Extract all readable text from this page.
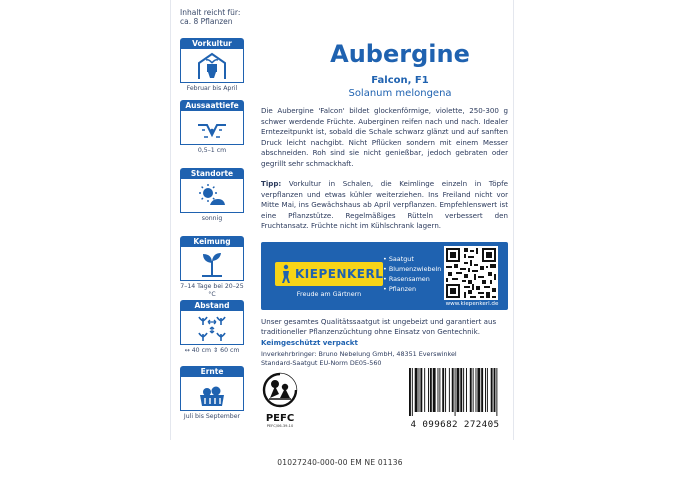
Inhalt reicht für:
ca. 8 Pflanzen
Vorkultur
Februar bis April
Aussaattiefe
0,5–1 cm
Standorte
sonnig
Keimung
7–14 Tage bei 20–25 °C
Abstand
↔ 40 cm ⇕ 60 cm
Ernte
Juli bis September
Aubergine
Falcon, F1
Solanum melongena
Die Aubergine 'Falcon' bildet glockenförmige, violette, 250-300 g schwer werdende Früchte. Auberginen reifen nach und nach. Idealer Erntezeitpunkt ist, sobald die Schale schwarz glänzt und auf sanften Druck leicht nachgibt. Nicht Pflücken sondern mit einem Messer abschneiden. Roh sind sie nicht genießbar, jedoch gebraten oder gegrillt sehr schmackhaft.
Tipp: Vorkultur in Schalen, die Keimlinge einzeln in Töpfe verpflanzen und etwas kühler weiterziehen. Ins Freiland nicht vor Mitte Mai, ins Gewächshaus ab April verpflanzen. Empfehlenswert ist eine Pflanzstütze. Regelmäßiges Rütteln verbessert den Fruchtansatz. Früchte nicht im Kühlschrank lagern.
KIEPENKERL
Freude am Gärtnern
• Saatgut
• Blumenzwiebeln
• Rasensamen
• Pflanzen
www.kiepenkerl.de
Unser gesamtes Qualitätssaatgut ist ungebeizt und garantiert aus traditioneller Pflanzenzüchtung ohne Einsatz von Gentechnik.
Keimgeschützt verpackt
Inverkehrbringer: Bruno Nebelung GmbH, 48351 Everswinkel
Standard-Saatgut EU-Norm DE05-560
PEFC
PEFC/06-39-10	4 099682 272405
01027240-000-00 EM NE 01136
